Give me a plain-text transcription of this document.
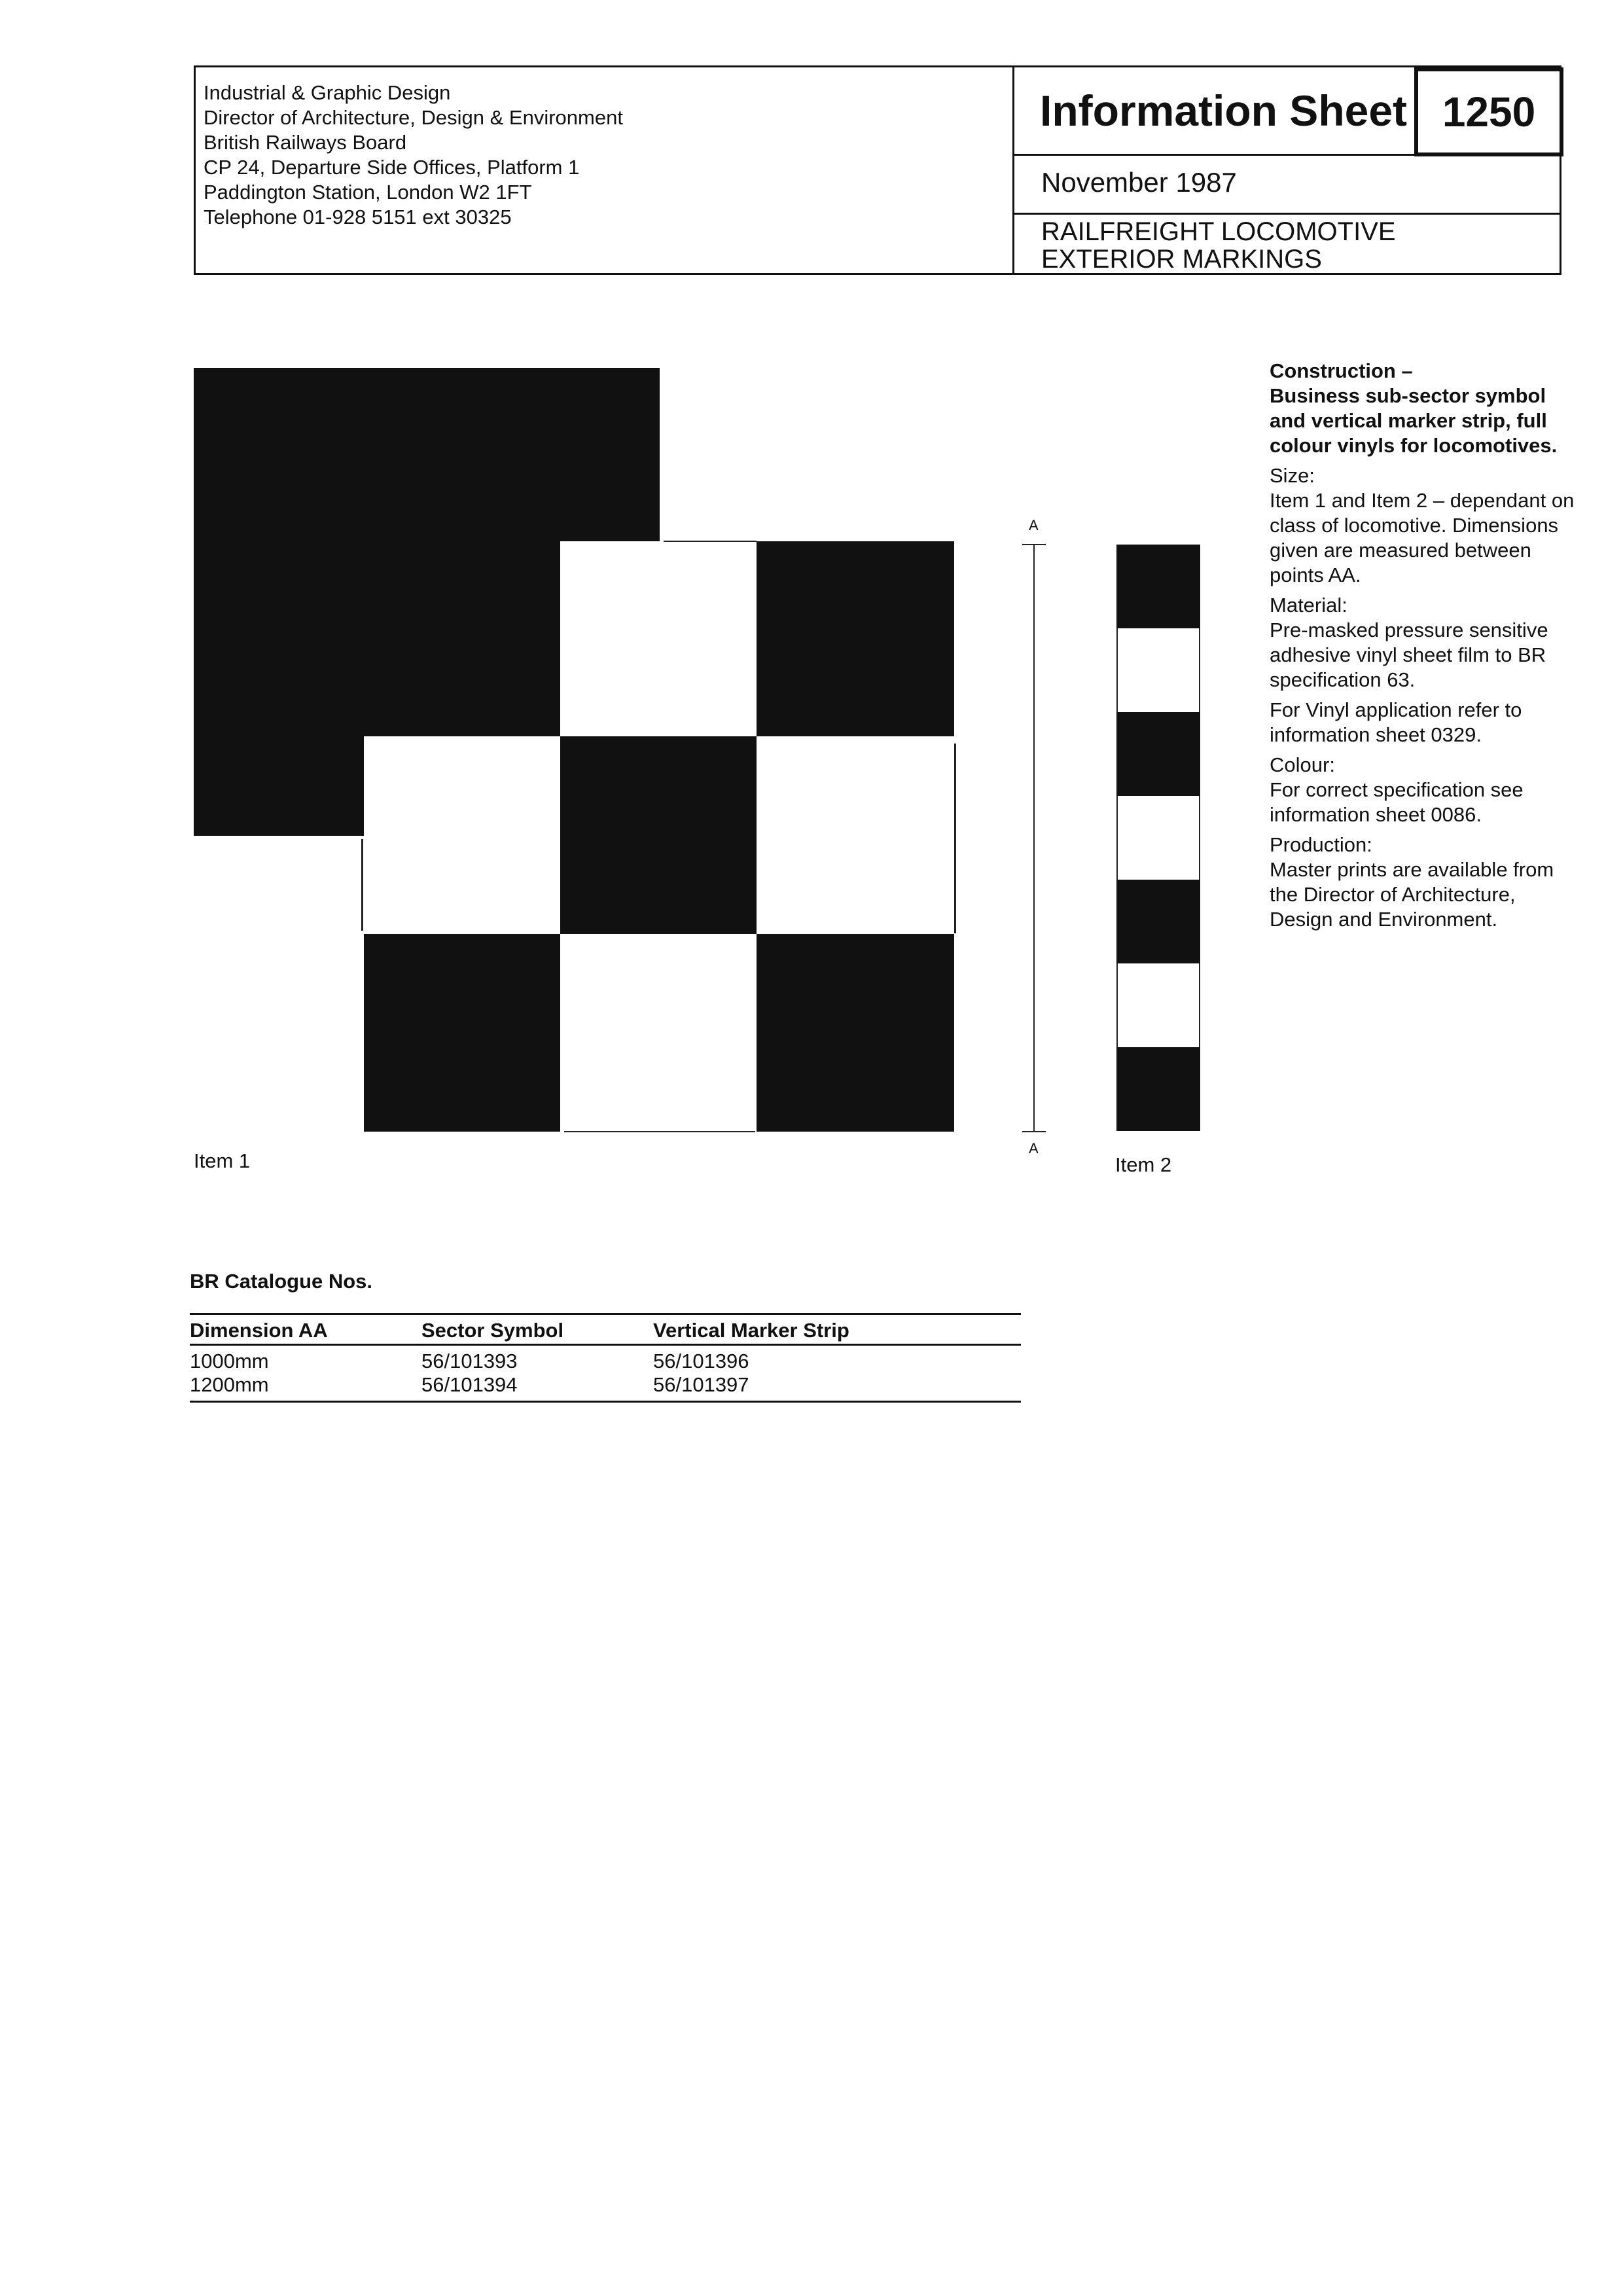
Industrial & Graphic Design
Director of Architecture, Design & Environment
British Railways Board
CP 24, Departure Side Offices, Platform 1
Paddington Station, London W2 1FT
Telephone 01-928 5151 ext 30325
Information Sheet 1250
November 1987
RAILFREIGHT LOCOMOTIVE
EXTERIOR MARKINGS
Item 1
A
A
Item 2

Construction –
Business sub-sector symbol and vertical marker strip, full colour vinyls for locomotives.

Size:
Item 1 and Item 2 – dependant on class of locomotive. Dimensions given are measured between points AA.

Material:
Pre-masked pressure sensitive adhesive vinyl sheet film to BR specification 63.

For Vinyl application refer to information sheet 0329.

Colour:
For correct specification see information sheet 0086.

Production:
Master prints are available from the Director of Architecture, Design and Environment.

BR Catalogue Nos.
Dimension AA	Sector Symbol	Vertical Marker Strip
1000mm	56/101393	56/101396
1200mm	56/101394	56/101397
